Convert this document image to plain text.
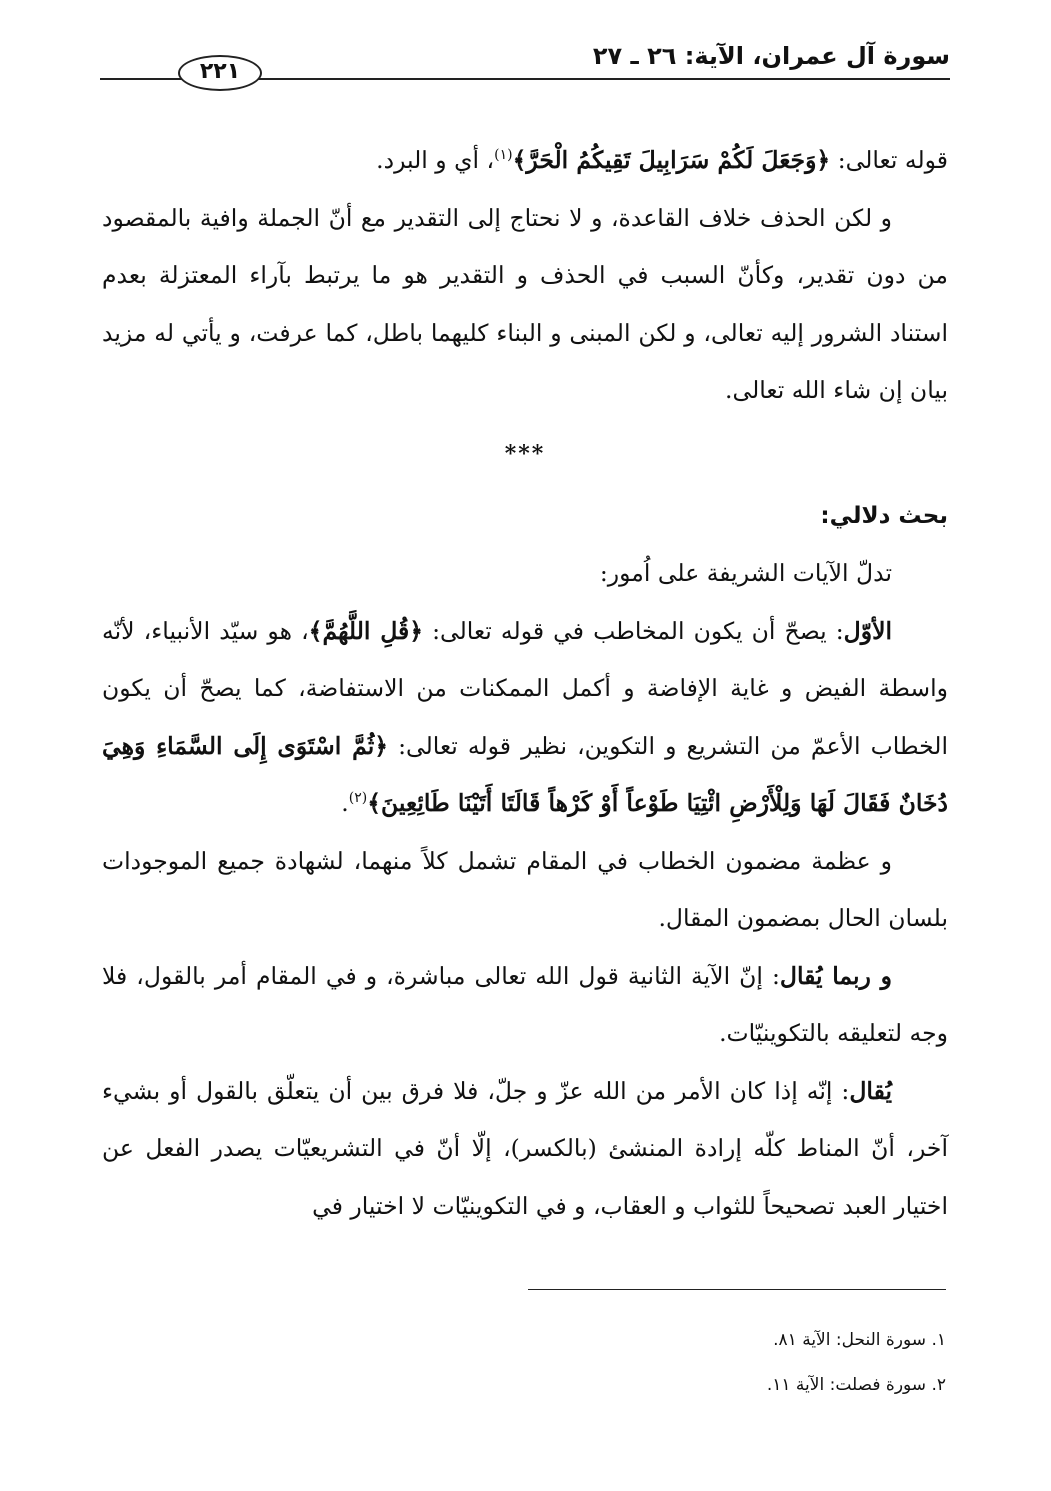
سورة آل عمران، الآية: ٢٦ ـ ٢٧
٢٢١

قوله تعالى: ﴿وَجَعَلَ لَكُمْ سَرَابِيلَ تَقِيكُمُ الْحَرَّ﴾$^{(١)}$، أي و البرد.

و لكن الحذف خلاف القاعدة، و لا نحتاج إلى التقدير مع أنّ الجملة وافية بالمقصود من دون تقدير، وكأنّ السبب في الحذف و التقدير هو ما يرتبط بآراء المعتزلة بعدم استناد الشرور إليه تعالى، و لكن المبنى و البناء كليهما باطل، كما عرفت، و يأتي له مزيد بيان إن شاء الله تعالى.

***

بحث دلالي:

تدلّ الآيات الشريفة على اُمور:

الأوّل: يصحّ أن يكون المخاطب في قوله تعالى: ﴿قُلِ اللَّهُمَّ﴾، هو سيّد الأنبياء، لأنّه واسطة الفيض و غاية الإفاضة و أكمل الممكنات من الاستفاضة، كما يصحّ أن يكون الخطاب الأعمّ من التشريع و التكوين، نظير قوله تعالى: ﴿ثُمَّ اسْتَوَى إِلَى السَّمَاءِ وَهِيَ دُخَانٌ فَقَالَ لَهَا وَلِلْأَرْضِ ائْتِيَا طَوْعاً أَوْ كَرْهاً قَالَتَا أَتَيْنَا طَائِعِينَ﴾$^{(٢)}$.

و عظمة مضمون الخطاب في المقام تشمل كلاً منهما، لشهادة جميع الموجودات بلسان الحال بمضمون المقال.

و ربما يُقال: إنّ الآية الثانية قول الله تعالى مباشرة، و في المقام أمر بالقول، فلا وجه لتعليقه بالتكوينيّات.

يُقال: إنّه إذا كان الأمر من الله عزّ و جلّ، فلا فرق بين أن يتعلّق بالقول أو بشيء آخر، أنّ المناط كلّه إرادة المنشئ (بالكسر)، إلّا أنّ في التشريعيّات يصدر الفعل عن اختيار العبد تصحيحاً للثواب و العقاب، و في التكوينيّات لا اختيار في

١. سورة النحل: الآية ٨١.

٢. سورة فصلت: الآية ١١.
